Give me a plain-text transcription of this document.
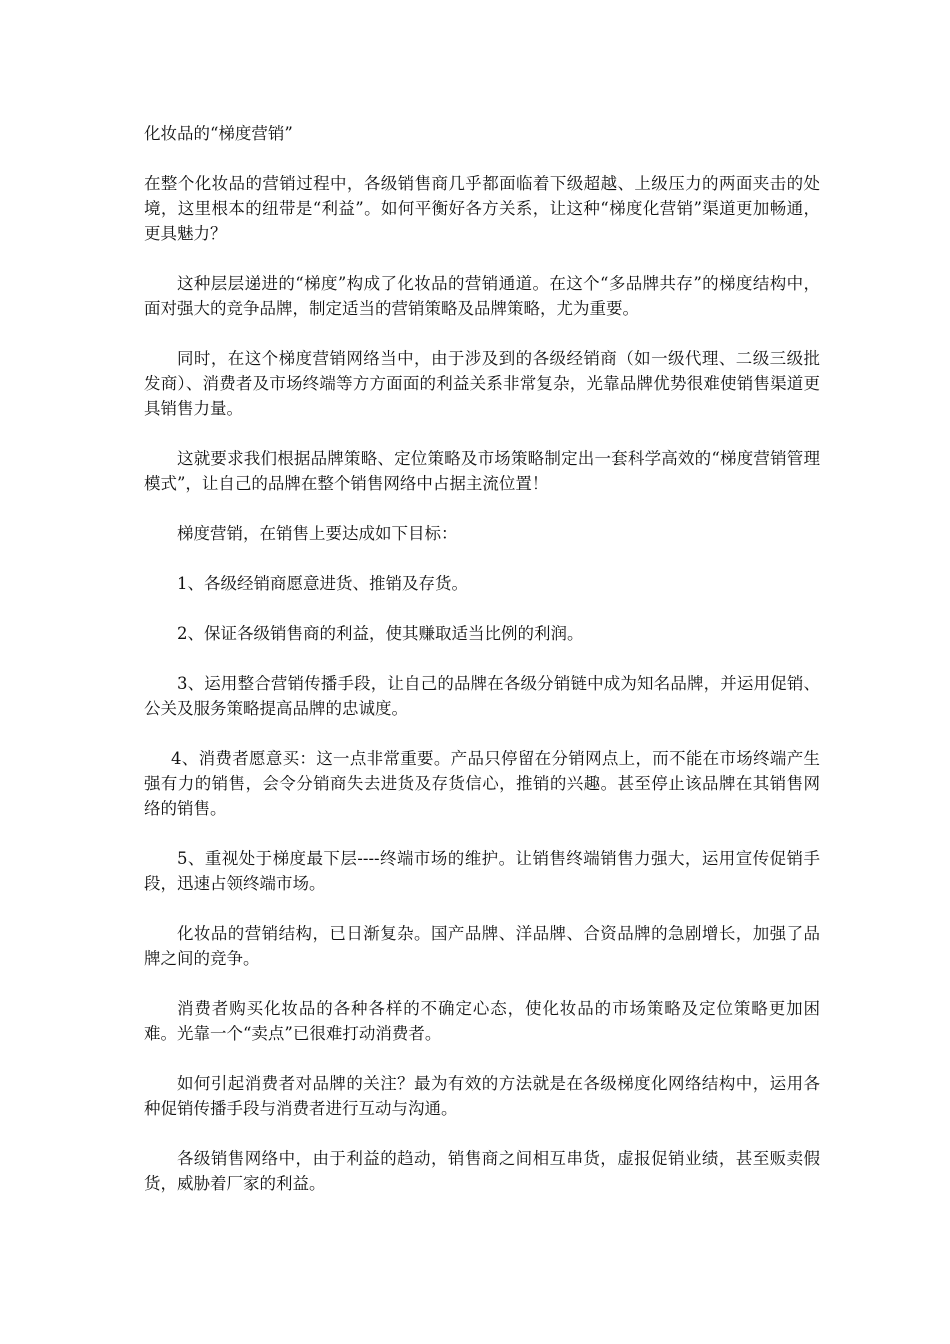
化妆品的“梯度营销”

在整个化妆品的营销过程中，各级销售商几乎都面临着下级超越、上级压力的两面夹击的处境，这里根本的纽带是“利益”。如何平衡好各方关系，让这种“梯度化营销”渠道更加畅通，更具魅力？

这种层层递进的“梯度”构成了化妆品的营销通道。在这个“多品牌共存”的梯度结构中，面对强大的竞争品牌，制定适当的营销策略及品牌策略，尤为重要。

同时，在这个梯度营销网络当中，由于涉及到的各级经销商（如一级代理、二级三级批发商）、消费者及市场终端等方方面面的利益关系非常复杂，光靠品牌优势很难使销售渠道更具销售力量。

这就要求我们根据品牌策略、定位策略及市场策略制定出一套科学高效的“梯度营销管理模式”，让自己的品牌在整个销售网络中占据主流位置！

梯度营销，在销售上要达成如下目标：

1、各级经销商愿意进货、推销及存货。

2、保证各级销售商的利益，使其赚取适当比例的利润。

3、运用整合营销传播手段，让自己的品牌在各级分销链中成为知名品牌，并运用促销、公关及服务策略提高品牌的忠诚度。

4、消费者愿意买：这一点非常重要。产品只停留在分销网点上，而不能在市场终端产生强有力的销售，会令分销商失去进货及存货信心，推销的兴趣。甚至停止该品牌在其销售网络的销售。

5、重视处于梯度最下层----终端市场的维护。让销售终端销售力强大，运用宣传促销手段，迅速占领终端市场。

化妆品的营销结构，已日渐复杂。国产品牌、洋品牌、合资品牌的急剧增长，加强了品牌之间的竞争。

消费者购买化妆品的各种各样的不确定心态，使化妆品的市场策略及定位策略更加困难。光靠一个“卖点”已很难打动消费者。

如何引起消费者对品牌的关注？最为有效的方法就是在各级梯度化网络结构中，运用各种促销传播手段与消费者进行互动与沟通。

各级销售网络中，由于利益的趋动，销售商之间相互串货，虚报促销业绩，甚至贩卖假货，威胁着厂家的利益。
